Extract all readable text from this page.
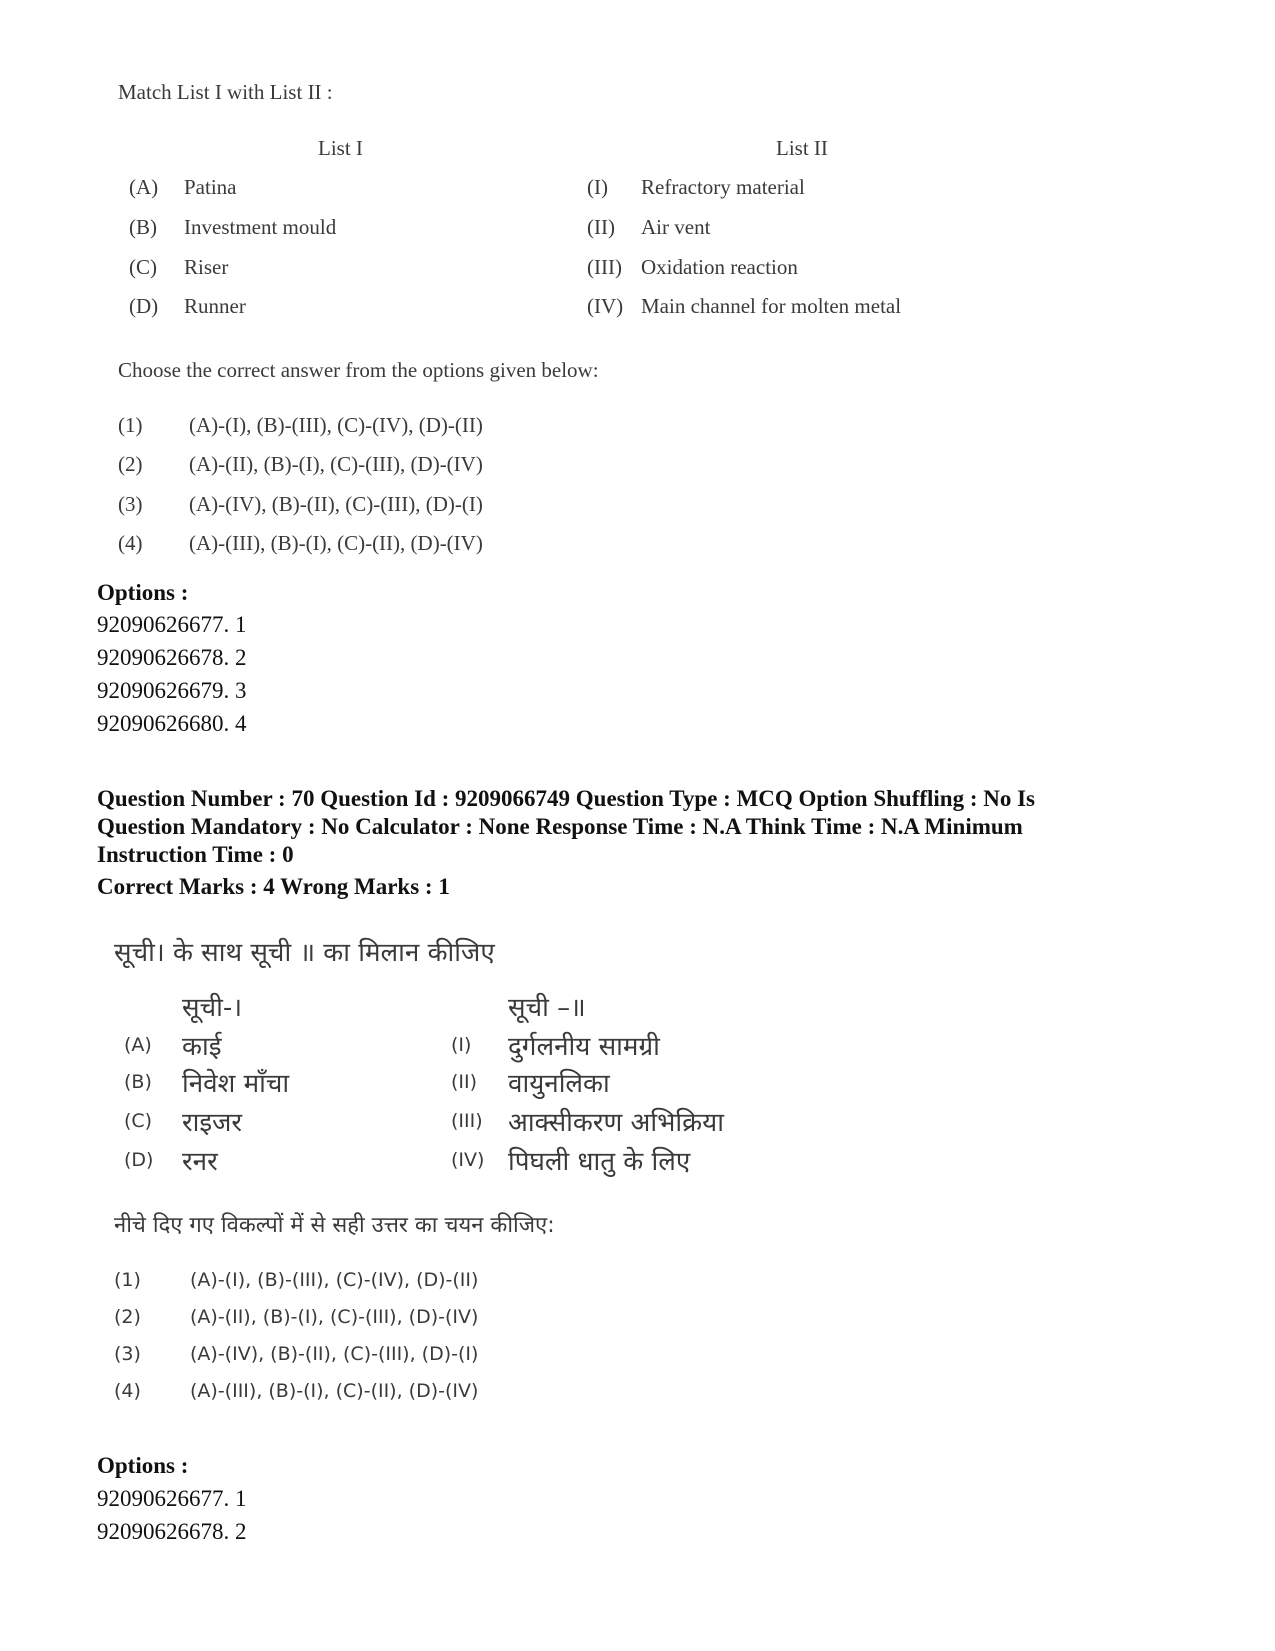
Match List I with List II :
List I	List II
(A) Patina	(I) Refractory material
(B) Investment mould	(II) Air vent
(C) Riser	(III) Oxidation reaction
(D) Runner	(IV) Main channel for molten metal
Choose the correct answer from the options given below:
(1) (A)-(I), (B)-(III), (C)-(IV), (D)-(II)
(2) (A)-(II), (B)-(I), (C)-(III), (D)-(IV)
(3) (A)-(IV), (B)-(II), (C)-(III), (D)-(I)
(4) (A)-(III), (B)-(I), (C)-(II), (D)-(IV)
Options :
92090626677. 1
92090626678. 2
92090626679. 3
92090626680. 4
Question Number : 70 Question Id : 9209066749 Question Type : MCQ Option Shuffling : No Is
Question Mandatory : No Calculator : None Response Time : N.A Think Time : N.A Minimum
Instruction Time : 0
Correct Marks : 4 Wrong Marks : 1
सूची। के साथ सूची ॥ का मिलान कीजिए
सूची-।	सूची –॥
(A) काई	(I) दुर्गलनीय सामग्री
(B) निवेश माँचा	(II) वायुनलिका
(C) राइजर	(III) आक्सीकरण अभिक्रिया
(D) रनर	(IV) पिघली धातु के लिए
नीचे दिए गए विकल्पों में से सही उत्तर का चयन कीजिए:
(1)	(A)-(I), (B)-(III), (C)-(IV), (D)-(II)
(2)	(A)-(II), (B)-(I), (C)-(III), (D)-(IV)
(3)	(A)-(IV), (B)-(II), (C)-(III), (D)-(I)
(4)	(A)-(III), (B)-(I), (C)-(II), (D)-(IV)
Options :
92090626677. 1
92090626678. 2
